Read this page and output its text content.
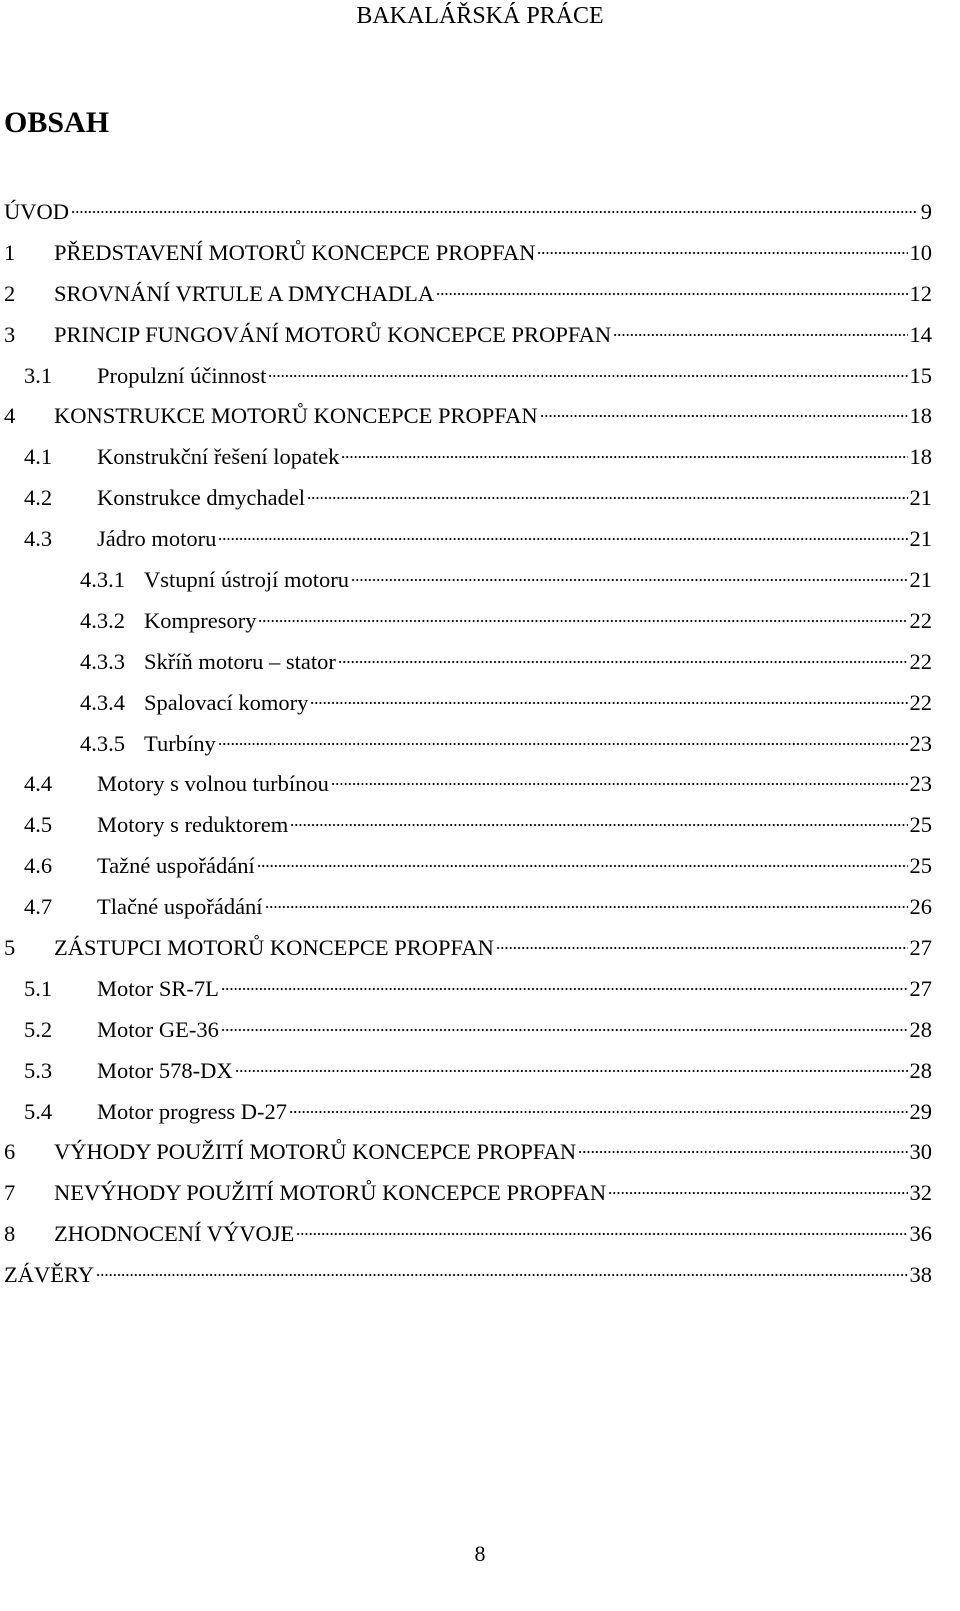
BAKALÁŘSKÁ PRÁCE
OBSAH
ÚVOD	9
1	PŘEDSTAVENÍ MOTORŮ KONCEPCE PROPFAN	10
2	SROVNÁNÍ VRTULE A DMYCHADLA	12
3	PRINCIP FUNGOVÁNÍ MOTORŮ KONCEPCE PROPFAN	14
3.1	Propulzní účinnost	15
4	KONSTRUKCE MOTORŮ KONCEPCE PROPFAN	18
4.1	Konstrukční řešení lopatek	18
4.2	Konstrukce dmychadel	21
4.3	Jádro motoru	21
4.3.1 Vstupní ústrojí motoru	21
4.3.2 Kompresory	22
4.3.3 Skříň motoru – stator	22
4.3.4 Spalovací komory	22
4.3.5 Turbíny	23
4.4	Motory s volnou turbínou	23
4.5	Motory s reduktorem	25
4.6	Tažné uspořádání	25
4.7	Tlačné uspořádání	26
5	ZÁSTUPCI MOTORŮ KONCEPCE PROPFAN	27
5.1	Motor SR-7L	27
5.2	Motor GE-36	28
5.3	Motor 578-DX	28
5.4	Motor progress D-27	29
6	VÝHODY POUŽITÍ MOTORŮ KONCEPCE PROPFAN	30
7	NEVÝHODY POUŽITÍ MOTORŮ KONCEPCE PROPFAN	32
8	ZHODNOCENÍ VÝVOJE	36
ZÁVĚRY	38
8
